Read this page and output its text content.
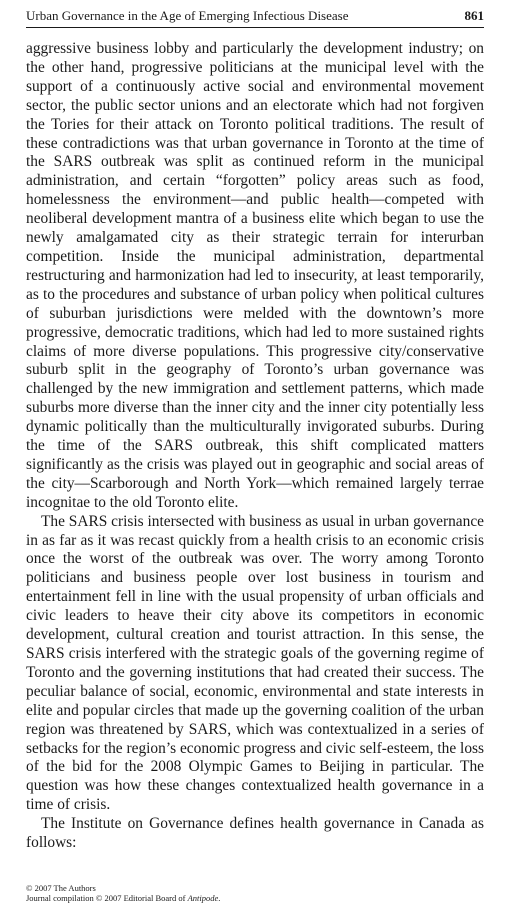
Urban Governance in the Age of Emerging Infectious Disease	861

aggressive business lobby and particularly the development industry; on the other hand, progressive politicians at the municipal level with the support of a continuously active social and environmental movement sector, the public sector unions and an electorate which had not forgiven the Tories for their attack on Toronto political traditions. The result of these contradictions was that urban governance in Toronto at the time of the SARS outbreak was split as continued reform in the municipal administration, and certain “forgotten” policy areas such as food, homelessness the environment—and public health—competed with neoliberal development mantra of a business elite which began to use the newly amalgamated city as their strategic terrain for interurban competition. Inside the municipal administration, departmental restructuring and harmonization had led to insecurity, at least temporarily, as to the procedures and substance of urban policy when political cultures of suburban jurisdictions were melded with the downtown’s more progressive, democratic traditions, which had led to more sustained rights claims of more diverse populations. This progressive city/conservative suburb split in the geography of Toronto’s urban governance was challenged by the new immigration and settlement patterns, which made suburbs more diverse than the inner city and the inner city potentially less dynamic politically than the multiculturally invigorated suburbs. During the time of the SARS outbreak, this shift complicated matters significantly as the crisis was played out in geographic and social areas of the city—Scarborough and North York—which remained largely terrae incognitae to the old Toronto elite.

The SARS crisis intersected with business as usual in urban governance in as far as it was recast quickly from a health crisis to an economic crisis once the worst of the outbreak was over. The worry among Toronto politicians and business people over lost business in tourism and entertainment fell in line with the usual propensity of urban officials and civic leaders to heave their city above its competitors in economic development, cultural creation and tourist attraction. In this sense, the SARS crisis interfered with the strategic goals of the governing regime of Toronto and the governing institutions that had created their success. The peculiar balance of social, economic, environmental and state interests in elite and popular circles that made up the governing coalition of the urban region was threatened by SARS, which was contextualized in a series of setbacks for the region’s economic progress and civic self-esteem, the loss of the bid for the 2008 Olympic Games to Beijing in particular. The question was how these changes contextualized health governance in a time of crisis.

The Institute on Governance defines health governance in Canada as follows:

© 2007 The Authors
Journal compilation © 2007 Editorial Board of Antipode.
